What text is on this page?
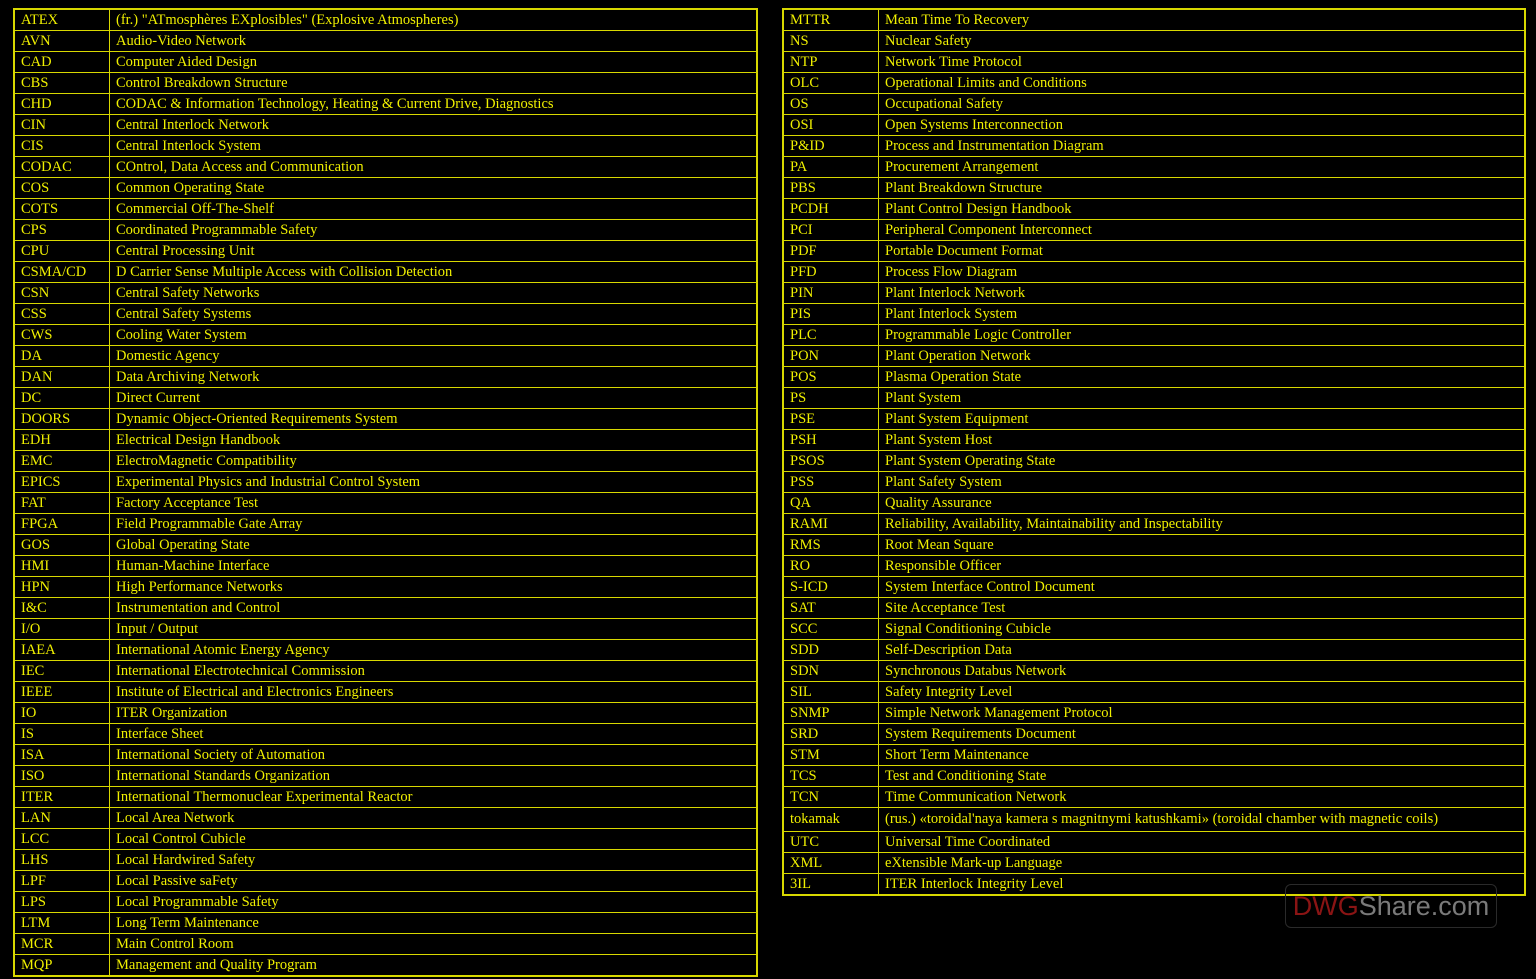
ATEX	(fr.) "ATmosphères EXplosibles" (Explosive Atmospheres)
AVN	Audio-Video Network
CAD	Computer Aided Design
CBS	Control Breakdown Structure
CHD	CODAC & Information Technology, Heating & Current Drive, Diagnostics
CIN	Central Interlock Network
CIS	Central Interlock System
CODAC	COntrol, Data Access and Communication
COS	Common Operating State
COTS	Commercial Off-The-Shelf
CPS	Coordinated Programmable Safety
CPU	Central Processing Unit
CSMA/CD	D Carrier Sense Multiple Access with Collision Detection
CSN	Central Safety Networks
CSS	Central Safety Systems
CWS	Cooling Water System
DA	Domestic Agency
DAN	Data Archiving Network
DC	Direct Current
DOORS	Dynamic Object-Oriented Requirements System
EDH	Electrical Design Handbook
EMC	ElectroMagnetic Compatibility
EPICS	Experimental Physics and Industrial Control System
FAT	Factory Acceptance Test
FPGA	Field Programmable Gate Array
GOS	Global Operating State
HMI	Human-Machine Interface
HPN	High Performance Networks
I&C	Instrumentation and Control
I/O	Input / Output
IAEA	International Atomic Energy Agency
IEC	International Electrotechnical Commission
IEEE	Institute of Electrical and Electronics Engineers
IO	ITER Organization
IS	Interface Sheet
ISA	International Society of Automation
ISO	International Standards Organization
ITER	International Thermonuclear Experimental Reactor
LAN	Local Area Network
LCC	Local Control Cubicle
LHS	Local Hardwired Safety
LPF	Local Passive saFety
LPS	Local Programmable Safety
LTM	Long Term Maintenance
MCR	Main Control Room
MQP	Management and Quality Program
MTTR	Mean Time To Recovery
NS	Nuclear Safety
NTP	Network Time Protocol
OLC	Operational Limits and Conditions
OS	Occupational Safety
OSI	Open Systems Interconnection
P&ID	Process and Instrumentation Diagram
PA	Procurement Arrangement
PBS	Plant Breakdown Structure
PCDH	Plant Control Design Handbook
PCI	Peripheral Component Interconnect
PDF	Portable Document Format
PFD	Process Flow Diagram
PIN	Plant Interlock Network
PIS	Plant Interlock System
PLC	Programmable Logic Controller
PON	Plant Operation Network
POS	Plasma Operation State
PS	Plant System
PSE	Plant System Equipment
PSH	Plant System Host
PSOS	Plant System Operating State
PSS	Plant Safety System
QA	Quality Assurance
RAMI	Reliability, Availability, Maintainability and Inspectability
RMS	Root Mean Square
RO	Responsible Officer
S-ICD	System Interface Control Document
SAT	Site Acceptance Test
SCC	Signal Conditioning Cubicle
SDD	Self-Description Data
SDN	Synchronous Databus Network
SIL	Safety Integrity Level
SNMP	Simple Network Management Protocol
SRD	System Requirements Document
STM	Short Term Maintenance
TCS	Test and Conditioning State
TCN	Time Communication Network
tokamak	(rus.) «toroidal'naya kamera s magnitnymi katushkami» (toroidal chamber with magnetic coils)
UTC	Universal Time Coordinated
XML	eXtensible Mark-up Language
3IL	ITER Interlock Integrity Level
DWGShare.com
